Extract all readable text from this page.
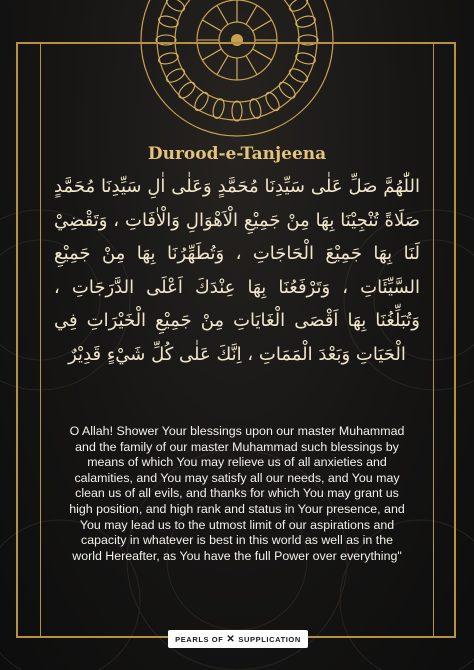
Durood-e-Tanjeena
اللّٰهُمَّ صَلِّ عَلٰى سَيِّدِنَا مُحَمَّدٍ وَعَلٰى اٰلِ سَيِّدِنَا مُحَمَّدٍ صَلَاةً تُنْجِيْنَا بِهَا مِنْ جَمِيْعِ الْاَهْوَالِ وَالْاٰفَاتِ ، وَتَقْضِيْ لَنَا بِهَا جَمِيْعَ الْحَاجَاتِ ، وَتُطَهِّرُنَا بِهَا مِنْ جَمِيْعِ السَّيِّئَاتِ ، وَتَرْفَعُنَا بِهَا عِنْدَكَ اَعْلَى الدَّرَجَاتِ ، وَتُبَلِّغُنَا بِهَا اَقْصَى الْغَايَاتِ مِنْ جَمِيْعِ الْخَيْرَاتِ فِي الْحَيَاتِ وَبَعْدَ الْمَمَاتِ ، اِنَّكَ عَلٰى كُلِّ شَيْءٍ قَدِيْرٌ
O Allah! Shower Your blessings upon our master Muhammad and the family of our master Muhammad such blessings by means of which You may relieve us of all anxieties and calamities, and You may satisfy all our needs, and You may clean us of all evils, and thanks for which You may grant us high position, and high rank and status in Your presence, and You may lead us to the utmost limit of our aspirations and capacity in whatever is best in this world as well as in the world Hereafter, as You have the full Power over everything"
PEARLS OF ✕ SUPPLICATION
